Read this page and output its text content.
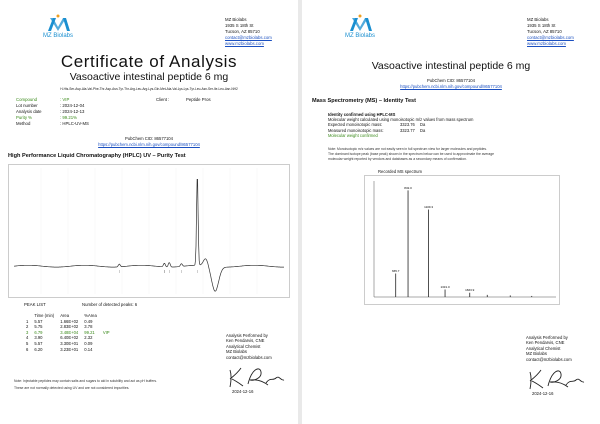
MZ Biolabs
MZ Biolabs
1935 S 18th St
Tucson, AZ 85710
contact@mzbiolabs.com
www.mzbiolabs.com
Certificate of Analysis
Vasoactive intestinal peptide 6 mg
H-His-Ser-Asp-Ala-Val-Phe-Thr-Asp-Asn-Tyr-Thr-Arg-Leu-Arg-Lys-Gln-Met-Ala-Val-Lys-Lys-Tyr-Leu-Asn-Ser-Ile-Leu-Asn-NH2
Compound	: VIP
Lot number	: 2024-12-04
Analysis date	: 2024-12-13
Purity %	: 99.21%
Method	: HPLC-UV-MS
Client :	Peptide Pros
PubChem CID: 86577104
https://pubchem.ncbi.nlm.nih.gov/compound/86577104
High Performance Liquid Chromatography (HPLC) UV – Purity Test
PEAK LIST	Number of detected peaks: 6
	Time (min)	Area	%Area	
1	5.57	1.66E+02	0.49	
2	5.75	2.83E+02	3.78	
3	6.79	3.48E+04	99.21	VIP
4	3.90	6.40E+02	2.32	
5	5.57	3.30E+01	0.09	
6	6.20	3.23E+01	0.14	
Note: Injectable peptides may contain salts and sugars to aid in solubility and act as pH buffers.
These are not normally detected using UV and are not considered impurities.
Analysis Performed by
Ken Pendarvis, CNE
Analytical Chemist
MZ Biolabs
contact@mzbiolabs.com
2024-12-16
MZ Biolabs
MZ Biolabs
1935 S 18th St
Tucson, AZ 85710
contact@mzbiolabs.com
www.mzbiolabs.com
Vasoactive intestinal peptide 6 mg
PubChem CID: 86577104
https://pubchem.ncbi.nlm.nih.gov/compound/86577104
Mass Spectrometry (MS) – Identity Test
Identity confirmed using HPLC-MS
Molecular weight calculated using monoisotopic m/z values from mass spectrum
Expected monoisotopic mass:	3323.76 Da
Measured monoisotopic mass:	3323.77 Da
Molecular weight confirmed
Note: Monoisotopic m/z values are not easily seen in full spectrum view for larger molecules and peptides.
The dominant isotope peak (base peak) shown in the spectrum below can be used to approximate the average
molecular weight reported by vendors and databases as a secondary means of confirmation.
Recorded MS spectrum
665.7
832.0
1109.3
1331.0
1663.9
Analysis Performed by
Ken Pendarvis, CNE
Analytical Chemist
MZ Biolabs
contact@mzbiolabs.com
2024-12-16
